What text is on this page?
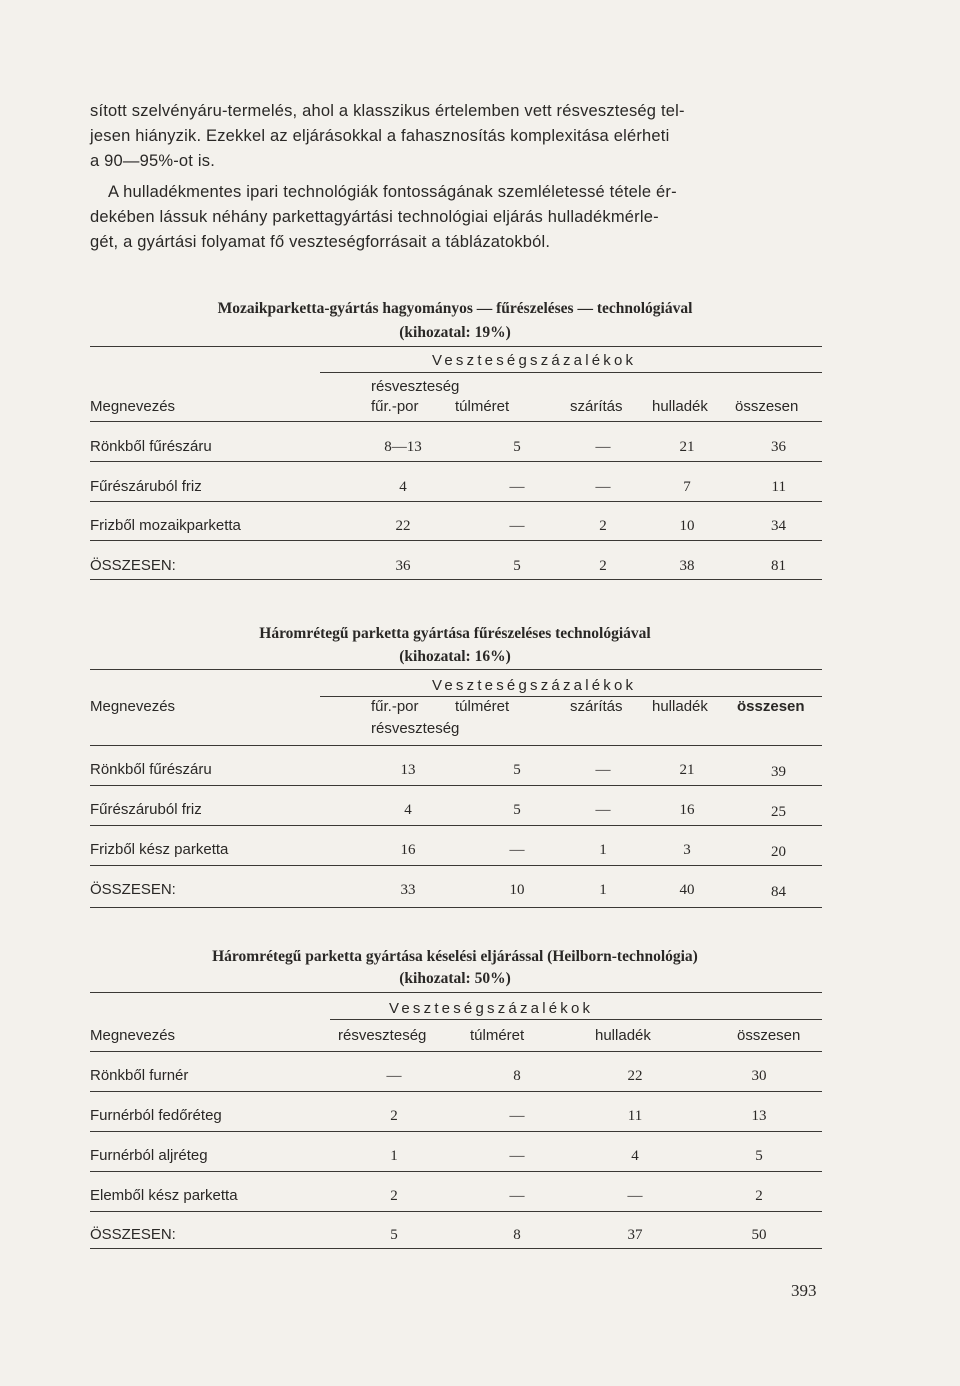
sított szelvényáru-termelés, ahol a klasszikus értelemben vett résveszteség tel-
jesen hiányzik. Ezekkel az eljárásokkal a fahasznosítás komplexitása elérheti
a 90—95%-ot is.
A hulladékmentes ipari technológiák fontosságának szemléletessé tétele ér-
dekében lássuk néhány parkettagyártási technológiai eljárás hulladékmérle-
gét, a gyártási folyamat fő veszteségforrásait a táblázatokból.
Mozaikparketta-gyártás hagyományos — fűrészeléses — technológiával
(kihozatal: 19%)
Veszteségszázalékok
résveszteség
Megnevezés	fűr.-por túlméret	szárítás hulladék összesen
Rönkből fűrészáru	8—13	5	—	21	36
Fűrészáruból friz	4	—	—	7	11
Frizből mozaikparketta	22	—	2	10	34
ÖSSZESEN:	36	5	2	38	81
Háromrétegű parketta gyártása fűrészeléses technológiával
(kihozatal: 16%)
Veszteségszázalékok
Megnevezés	fűr.-por túlméret	szárítás hulladék összesen
résveszteség
Rönkből fűrészáru	13	5	—	21	39
Fűrészáruból friz	4	5	—	16	25
Frizből kész parketta	16	—	1	3	20
ÖSSZESEN:	33	10	1	40	84
Háromrétegű parketta gyártása késelési eljárással (Heilborn-technológia)
(kihozatal: 50%)
Veszteségszázalékok
Megnevezés	résveszteség	túlméret	hulladék	összesen
Rönkből furnér	—	8	22	30
Furnérból fedőréteg	2	—	11	13
Furnérból aljréteg	1	—	4	5
Elemből kész parketta	2	—	—	2
ÖSSZESEN:	5	8	37	50
393
